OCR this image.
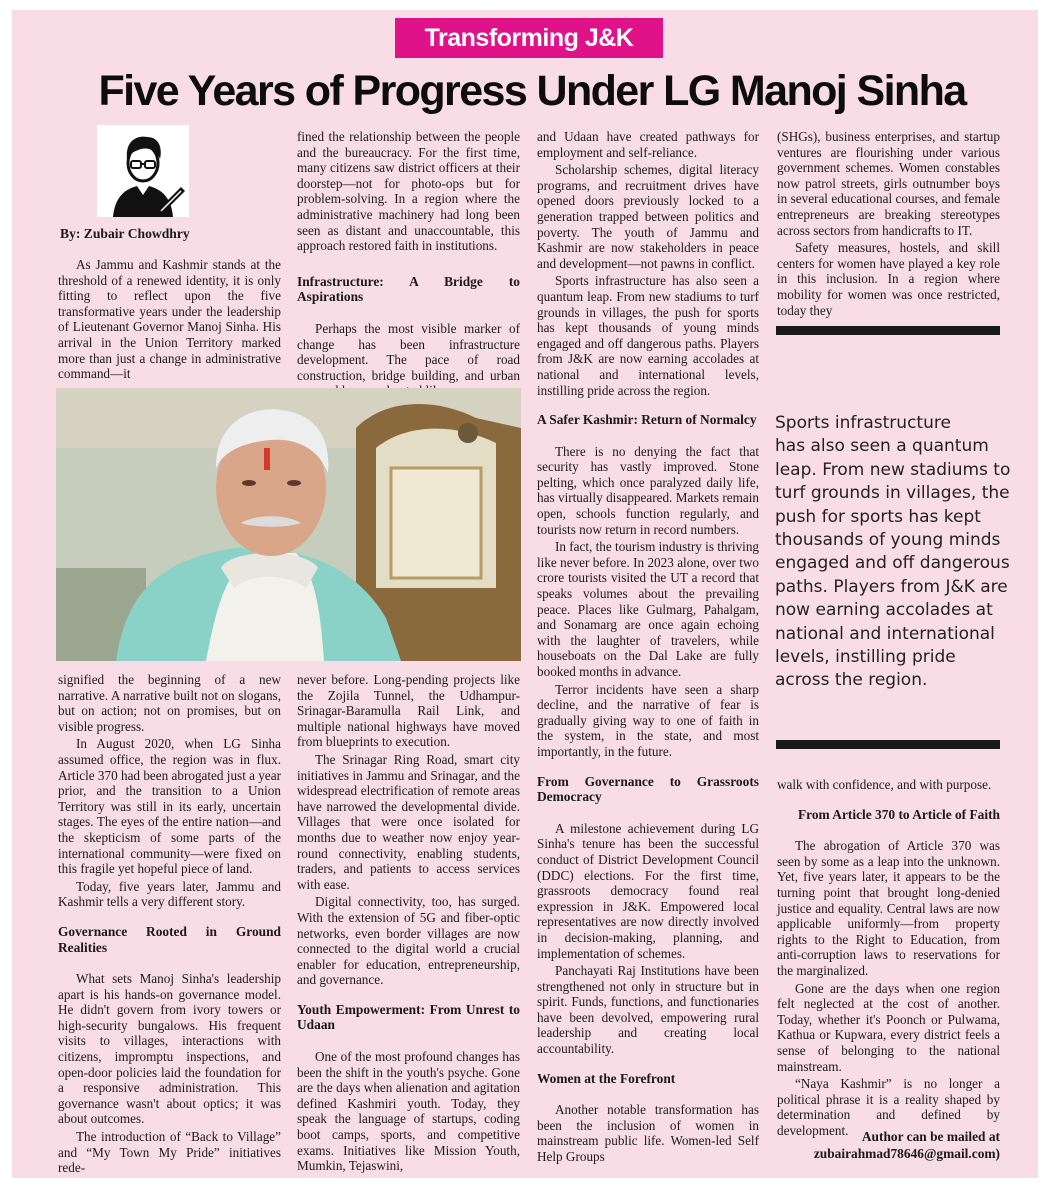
Transforming J&K
Five Years of Progress Under LG Manoj Sinha
By: Zubair Chowdhry

As Jammu and Kashmir stands at the threshold of a renewed identity, it is only fitting to reflect upon the five transformative years under the leadership of Lieutenant Governor Manoj Sinha. His arrival in the Union Territory marked more than just a change in administrative command—it

fined the relationship between the people and the bureaucracy. For the first time, many citizens saw district officers at their doorstep—not for photo-ops but for problem-solving. In a region where the administrative machinery had long been seen as distant and unaccountable, this approach restored faith in institutions.

Infrastructure: A Bridge to Aspirations

Perhaps the most visible marker of change has been infrastructure development. The pace of road construction, bridge building, and urban

signified the beginning of a new narrative. A narrative built not on slogans, but on action; not on promises, but on visible progress.

In August 2020, when LG Sinha assumed office, the region was in flux. Article 370 had been abrogated just a year prior, and the transition to a Union Territory was still in its early, uncertain stages. The eyes of the entire nation—and the skepticism of some parts of the international community—were fixed on this fragile yet hopeful piece of land.

Today, five years later, Jammu and Kashmir tells a very different story.

Governance Rooted in Ground Realities

What sets Manoj Sinha's leadership apart is his hands-on governance model. He didn't govern from ivory towers or high-security bungalows. His frequent visits to villages, interactions with citizens, impromptu inspections, and open-door policies laid the foundation for a responsive administration. This governance wasn't about optics; it was about outcomes.

The introduction of “Back to Village” and “My Town My Pride” initiatives rede-

never before. Long-pending projects like the Zojila Tunnel, the Udhampur-Srinagar-Baramulla Rail Link, and multiple national highways have moved from blueprints to execution.

The Srinagar Ring Road, smart city initiatives in Jammu and Srinagar, and the widespread electrification of remote areas have narrowed the developmental divide. Villages that were once isolated for months due to weather now enjoy year-round connectivity, enabling students, traders, and patients to access services with ease.

Digital connectivity, too, has surged. With the extension of 5G and fiber-optic networks, even border villages are now connected to the digital world a crucial enabler for education, entrepreneurship, and governance.

Youth Empowerment: From Unrest to Udaan

One of the most profound changes has been the shift in the youth's psyche. Gone are the days when alienation and agitation defined Kashmiri youth. Today, they speak the language of startups, coding boot camps, sports, and competitive exams. Initiatives like Mission Youth, Mumkin, Tejaswini,

and Udaan have created pathways for employment and self-reliance.

Scholarship schemes, digital literacy programs, and recruitment drives have opened doors previously locked to a generation trapped between politics and poverty. The youth of Jammu and Kashmir are now stakeholders in peace and development—not pawns in conflict.

Sports infrastructure has also seen a quantum leap. From new stadiums to turf grounds in villages, the push for sports has kept thousands of young minds engaged and off dangerous paths. Players from J&K are now earning accolades at national and international levels, instilling pride across the region.

A Safer Kashmir: Return of Normalcy

There is no denying the fact that security has vastly improved. Stone pelting, which once paralyzed daily life, has virtually disappeared. Markets remain open, schools function regularly, and tourists now return in record numbers.

In fact, the tourism industry is thriving like never before. In 2023 alone, over two crore tourists visited the UT a record that speaks volumes about the prevailing peace. Places like Gulmarg, Pahalgam, and Sonamarg are once again echoing with the laughter of travelers, while houseboats on the Dal Lake are fully booked months in advance.

Terror incidents have seen a sharp decline, and the narrative of fear is gradually giving way to one of faith in the system, in the state, and most importantly, in the future.

From Governance to Grassroots Democracy

A milestone achievement during LG Sinha's tenure has been the successful conduct of District Development Council (DDC) elections. For the first time, grassroots democracy found real expression in J&K. Empowered local representatives are now directly involved in decision-making, planning, and implementation of schemes.

Panchayati Raj Institutions have been strengthened not only in structure but in spirit. Funds, functions, and functionaries have been devolved, empowering rural leadership and creating local accountability.

Women at the Forefront

Another notable transformation has been the inclusion of women in mainstream public life. Women-led Self Help Groups

(SHGs), business enterprises, and startup ventures are flourishing under various government schemes. Women constables now patrol streets, girls outnumber boys in several educational courses, and female entrepreneurs are breaking stereotypes across sectors from handicrafts to IT.

Safety measures, hostels, and skill centers for women have played a key role in this inclusion. In a region where mobility for women was once restricted, today they

Sports infrastructure
has also seen a quantum
leap. From new stadiums to
turf grounds in villages, the
push for sports has kept
thousands of young minds
engaged and off dangerous
paths. Players from J&K are
now earning accolades at
national and international
levels, instilling pride
across the region.

walk with confidence, and with purpose.

From Article 370 to Article of Faith

The abrogation of Article 370 was seen by some as a leap into the unknown. Yet, five years later, it appears to be the turning point that brought long-denied justice and equality. Central laws are now applicable uniformly—from property rights to the Right to Education, from anti-corruption laws to reservations for the marginalized.

Gone are the days when one region felt neglected at the cost of another. Today, whether it's Poonch or Pulwama, Kathua or Kupwara, every district feels a sense of belonging to the national mainstream.

“Naya Kashmir” is no longer a political phrase it is a reality shaped by determination and defined by development.	Author can be mailed at
zubairahmad78646@gmail.com)
